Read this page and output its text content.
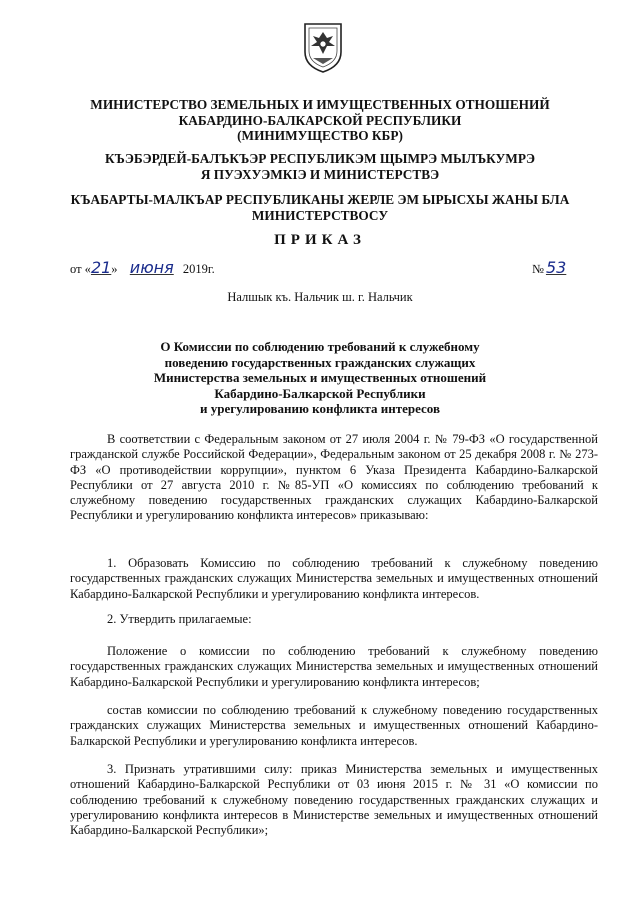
МИНИСТЕРСТВО ЗЕМЕЛЬНЫХ И ИМУЩЕСТВЕННЫХ ОТНОШЕНИЙ
КАБАРДИНО-БАЛКАРСКОЙ РЕСПУБЛИКИ
(МИНИМУЩЕСТВО КБР)
КЪЭБЭРДЕЙ-БАЛЪКЪЭР РЕСПУБЛИКЭМ ЩЫМРЭ МЫЛЪКУМРЭ
Я ПУЭХУЭМКIЭ И МИНИСТЕРСТВЭ
КЪАБАРТЫ-МАЛКЪАР РЕСПУБЛИКАНЫ ЖЕРЛЕ ЭМ ЫРЫСХЫ ЖАНЫ БЛА
МИНИСТЕРСТВОСУ
ПРИКАЗ
от «21» июня 2019г.	№ 53
Налшык къ. Нальчик ш. г. Нальчик
О Комиссии по соблюдению требований к служебному
поведению государственных гражданских служащих
Министерства земельных и имущественных отношений
Кабардино-Балкарской Республики
и урегулированию конфликта интересов
В соответствии с Федеральным законом от 27 июля 2004 г. № 79-ФЗ «О государственной гражданской службе Российской Федерации», Федеральным законом от 25 декабря 2008 г. № 273-ФЗ «О противодействии коррупции», пунктом 6 Указа Президента Кабардино-Балкарской Республики от 27 августа 2010 г. №85-УП «О комиссиях по соблюдению требований к служебному поведению государственных гражданских служащих Кабардино-Балкарской Республики и урегулированию конфликта интересов» приказываю:
1. Образовать Комиссию по соблюдению требований к служебному поведению государственных гражданских служащих Министерства земельных и имущественных отношений Кабардино-Балкарской Республики и урегулированию конфликта интересов.
2. Утвердить прилагаемые:
Положение о комиссии по соблюдению требований к служебному поведению государственных гражданских служащих Министерства земельных и имущественных отношений Кабардино-Балкарской Республики и урегулированию конфликта интересов;
состав комиссии по соблюдению требований к служебному поведению государственных гражданских служащих Министерства земельных и имущественных отношений Кабардино-Балкарской Республики и урегулированию конфликта интересов.
3. Признать утратившими силу: приказ Министерства земельных и имущественных отношений Кабардино-Балкарской Республики от 03 июня 2015 г. № 31 «О комиссии по соблюдению требований к служебному поведению государственных гражданских служащих и урегулированию конфликта интересов в Министерстве земельных и имущественных отношений Кабардино-Балкарской Республики»;
